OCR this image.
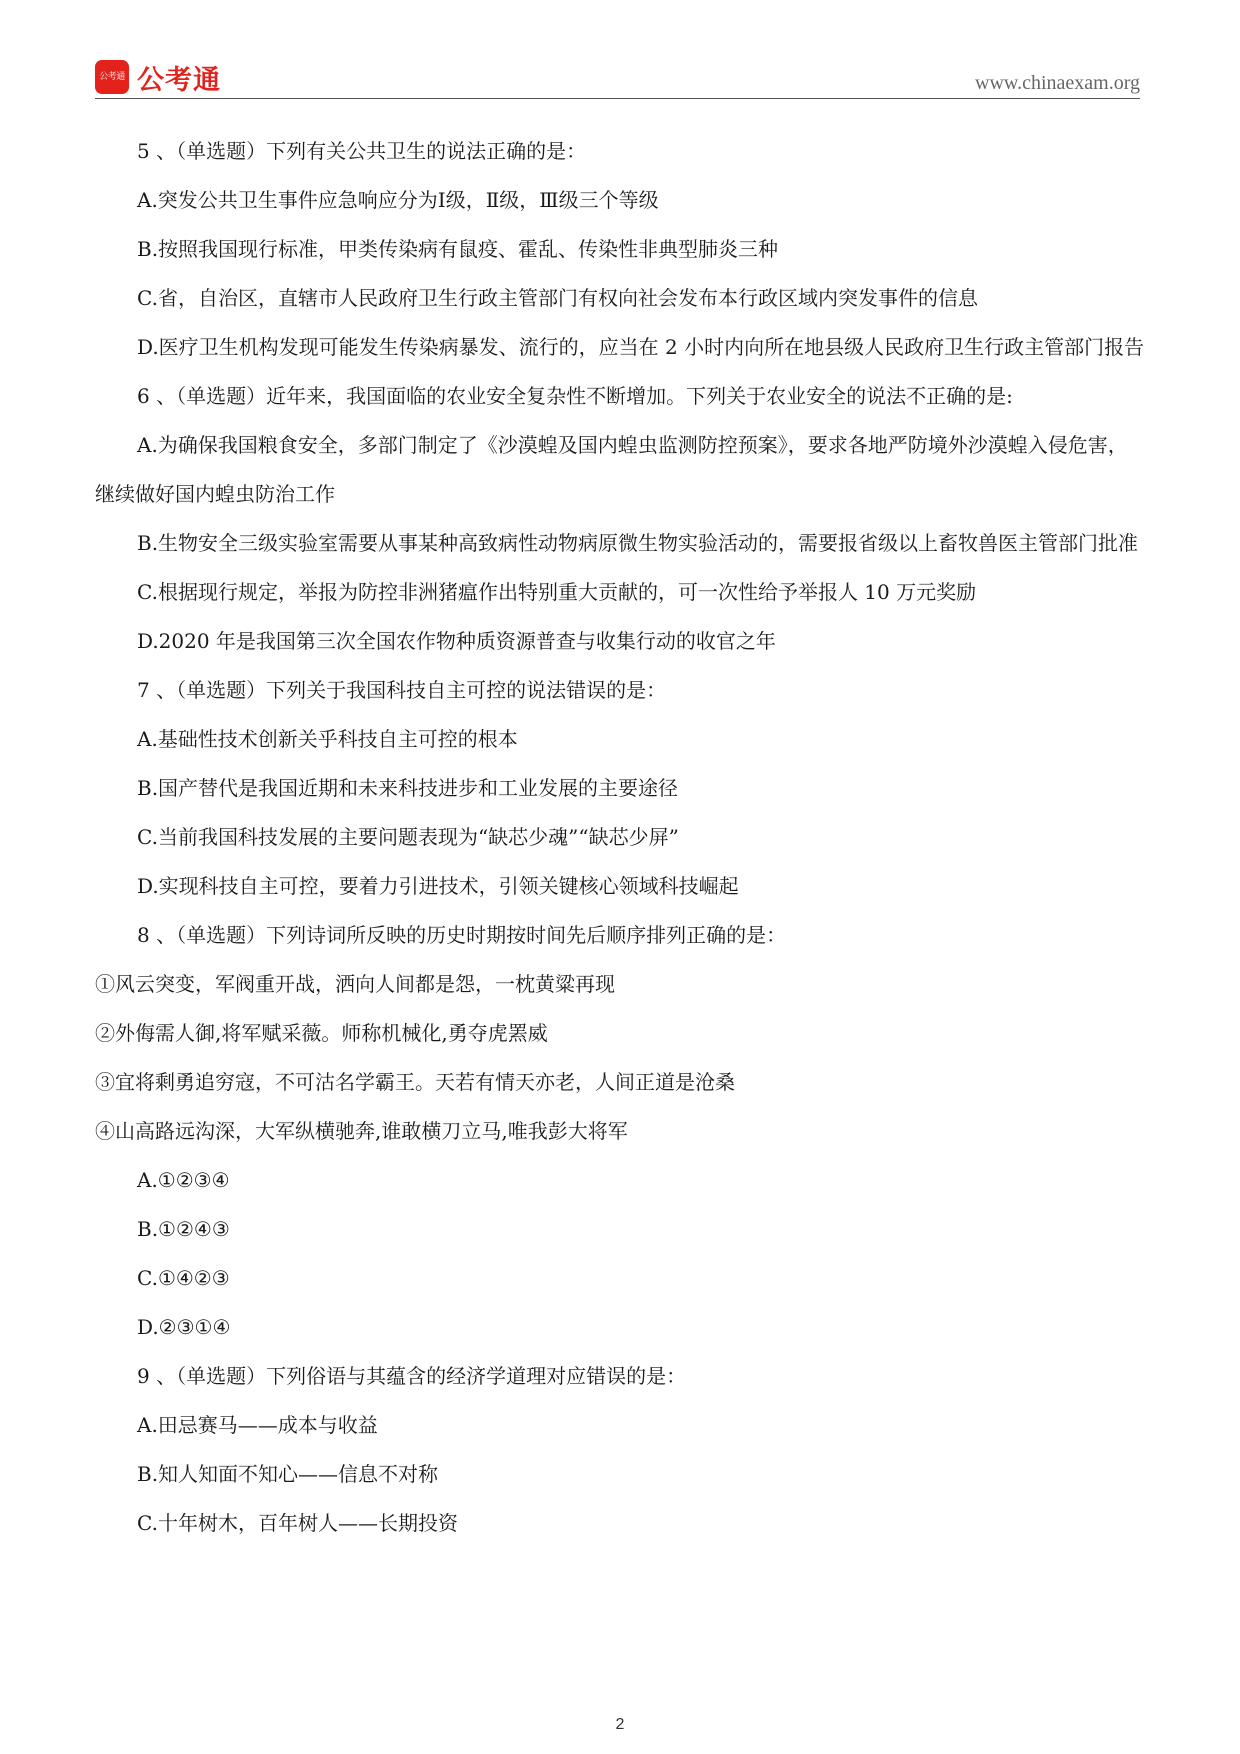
公考通 公考通	www.chinaexam.org
5 、（单选题）下列有关公共卫生的说法正确的是：
A.突发公共卫生事件应急响应分为Ⅰ级，Ⅱ级，Ⅲ级三个等级
B.按照我国现行标准，甲类传染病有鼠疫、霍乱、传染性非典型肺炎三种
C.省，自治区，直辖市人民政府卫生行政主管部门有权向社会发布本行政区域内突发事件的信息
D.医疗卫生机构发现可能发生传染病暴发、流行的，应当在 2 小时内向所在地县级人民政府卫生行政主管部门报告
6 、（单选题）近年来，我国面临的农业安全复杂性不断增加。下列关于农业安全的说法不正确的是:
A.为确保我国粮食安全，多部门制定了《沙漠蝗及国内蝗虫监测防控预案》，要求各地严防境外沙漠蝗入侵危害，继续做好国内蝗虫防治工作
B.生物安全三级实验室需要从事某种高致病性动物病原微生物实验活动的，需要报省级以上畜牧兽医主管部门批准
C.根据现行规定，举报为防控非洲猪瘟作出特别重大贡献的，可一次性给予举报人 10 万元奖励
D.2020 年是我国第三次全国农作物种质资源普查与收集行动的收官之年
7 、（单选题）下列关于我国科技自主可控的说法错误的是：
A.基础性技术创新关乎科技自主可控的根本
B.国产替代是我国近期和未来科技进步和工业发展的主要途径
C.当前我国科技发展的主要问题表现为“缺芯少魂”“缺芯少屏”
D.实现科技自主可控，要着力引进技术，引领关键核心领域科技崛起
8 、（单选题）下列诗词所反映的历史时期按时间先后顺序排列正确的是：
①风云突变，军阀重开战，洒向人间都是怨，一枕黄粱再现
②外侮需人御,将军赋采薇。师称机械化,勇夺虎罴威
③宜将剩勇追穷寇，不可沽名学霸王。天若有情天亦老，人间正道是沧桑
④山高路远沟深，大军纵横驰奔,谁敢横刀立马,唯我彭大将军
A.①②③④
B.①②④③
C.①④②③
D.②③①④
9 、（单选题）下列俗语与其蕴含的经济学道理对应错误的是：
A.田忌赛马——成本与收益
B.知人知面不知心——信息不对称
C.十年树木，百年树人——长期投资
2
